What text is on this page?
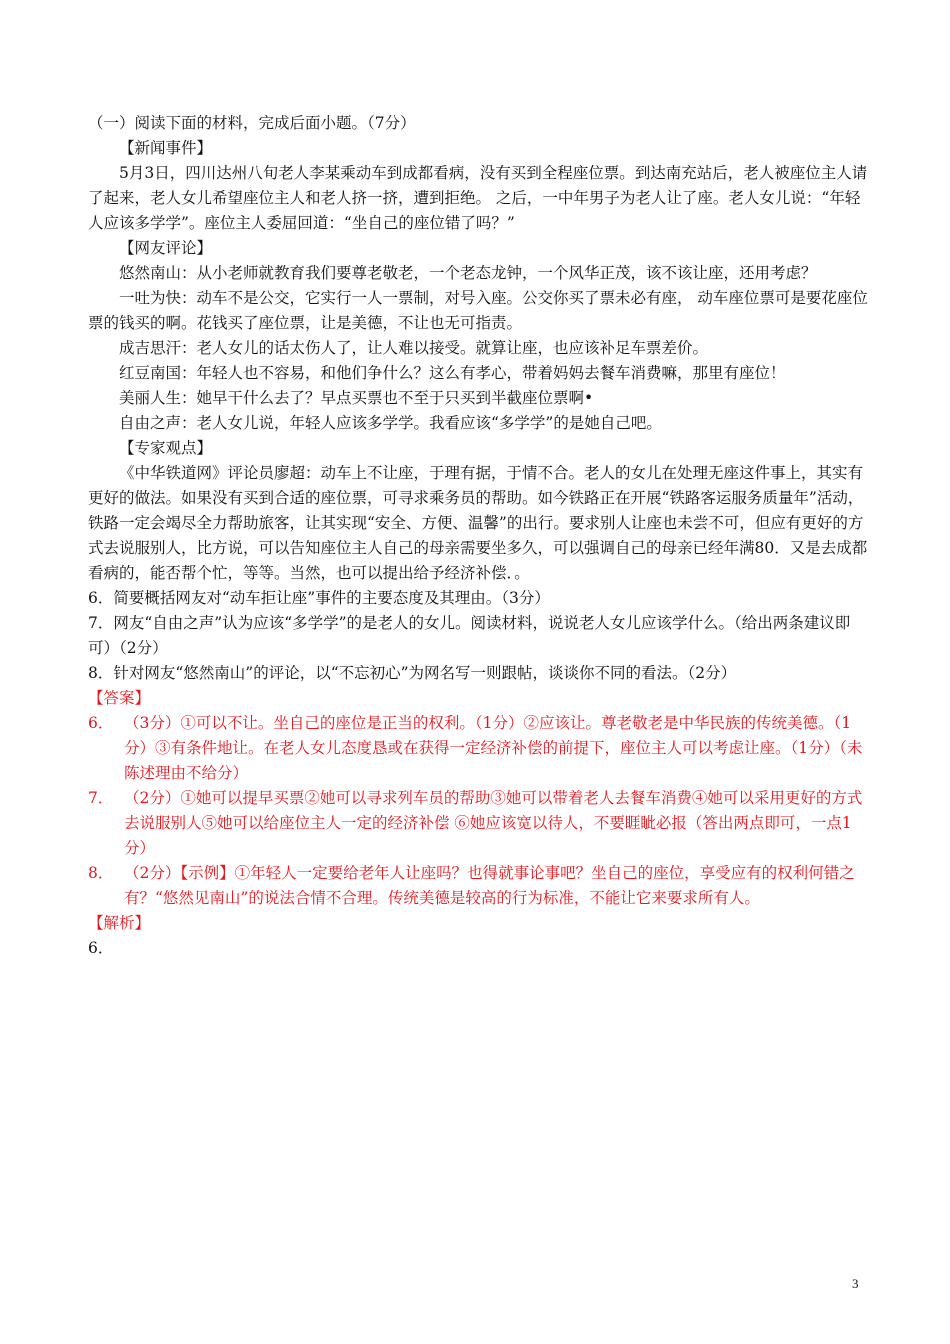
（一）阅读下面的材料，完成后面小题。（7分）

【新闻事件】

5月3日，四川达州八旬老人李某乘动车到成都看病，没有买到全程座位票。到达南充站后，老人被座位主人请了起来，老人女儿希望座位主人和老人挤一挤，遭到拒绝。 之后，一中年男子为老人让了座。老人女儿说：“年轻人应该多学学”。座位主人委屈回道：“坐自己的座位错了吗？”

【网友评论】

悠然南山：从小老师就教育我们要尊老敬老，一个老态龙钟，一个风华正茂，该不该让座，还用考虑？

一吐为快：动车不是公交，它实行一人一票制，对号入座。公交你买了票未必有座， 动车座位票可是要花座位票的钱买的啊。花钱买了座位票，让是美德，不让也无可指责。

成吉思汗：老人女儿的话太伤人了，让人难以接受。就算让座，也应该补足车票差价。

红豆南国：年轻人也不容易，和他们争什么？这么有孝心，带着妈妈去餐车消费嘛，那里有座位！

美丽人生：她早干什么去了？早点买票也不至于只买到半截座位票啊•

自由之声：老人女儿说，年轻人应该多学学。我看应该“多学学”的是她自己吧。

【专家观点】

《中华铁道网》评论员廖超：动车上不让座，于理有据，于情不合。老人的女儿在处理无座这件事上，其实有更好的做法。如果没有买到合适的座位票，可寻求乘务员的帮助。如今铁路正在开展“铁路客运服务质量年”活动，铁路一定会竭尽全力帮助旅客，让其实现“安全、方便、温馨”的出行。要求别人让座也未尝不可，但应有更好的方式去说服别人，比方说，可以告知座位主人自己的母亲需要坐多久，可以强调自己的母亲已经年满80．又是去成都看病的，能否帮个忙，等等。当然，也可以提出给予经济补偿．。

6．简要概括网友对“动车拒让座”事件的主要态度及其理由。（3分）

7．网友“自由之声”认为应该“多学学”的是老人的女儿。阅读材料，说说老人女儿应该学什么。（给出两条建议即可）（2分）

8．针对网友“悠然南山”的评论，以“不忘初心”为网名写一则跟帖，谈谈你不同的看法。（2分）

【答案】

6． （3分）①可以不让。坐自己的座位是正当的权利。（1分）②应该让。尊老敬老是中华民族的传统美德。（1分）③有条件地让。在老人女儿态度恳或在获得一定经济补偿的前提下，座位主人可以考虑让座。（1分）（未陈述理由不给分）

7． （2分）①她可以提早买票②她可以寻求列车员的帮助③她可以带着老人去餐车消费④她可以采用更好的方式去说服别人⑤她可以给座位主人一定的经济补偿 ⑥她应该宽以待人，不要睚眦必报（答出两点即可，一点1分）

8． （2分）【示例】①年轻人一定要给老年人让座吗？也得就事论事吧？坐自己的座位，享受应有的权利何错之有？“悠然见南山”的说法合情不合理。传统美德是较高的行为标准，不能让它来要求所有人。

【解析】

6．

3
